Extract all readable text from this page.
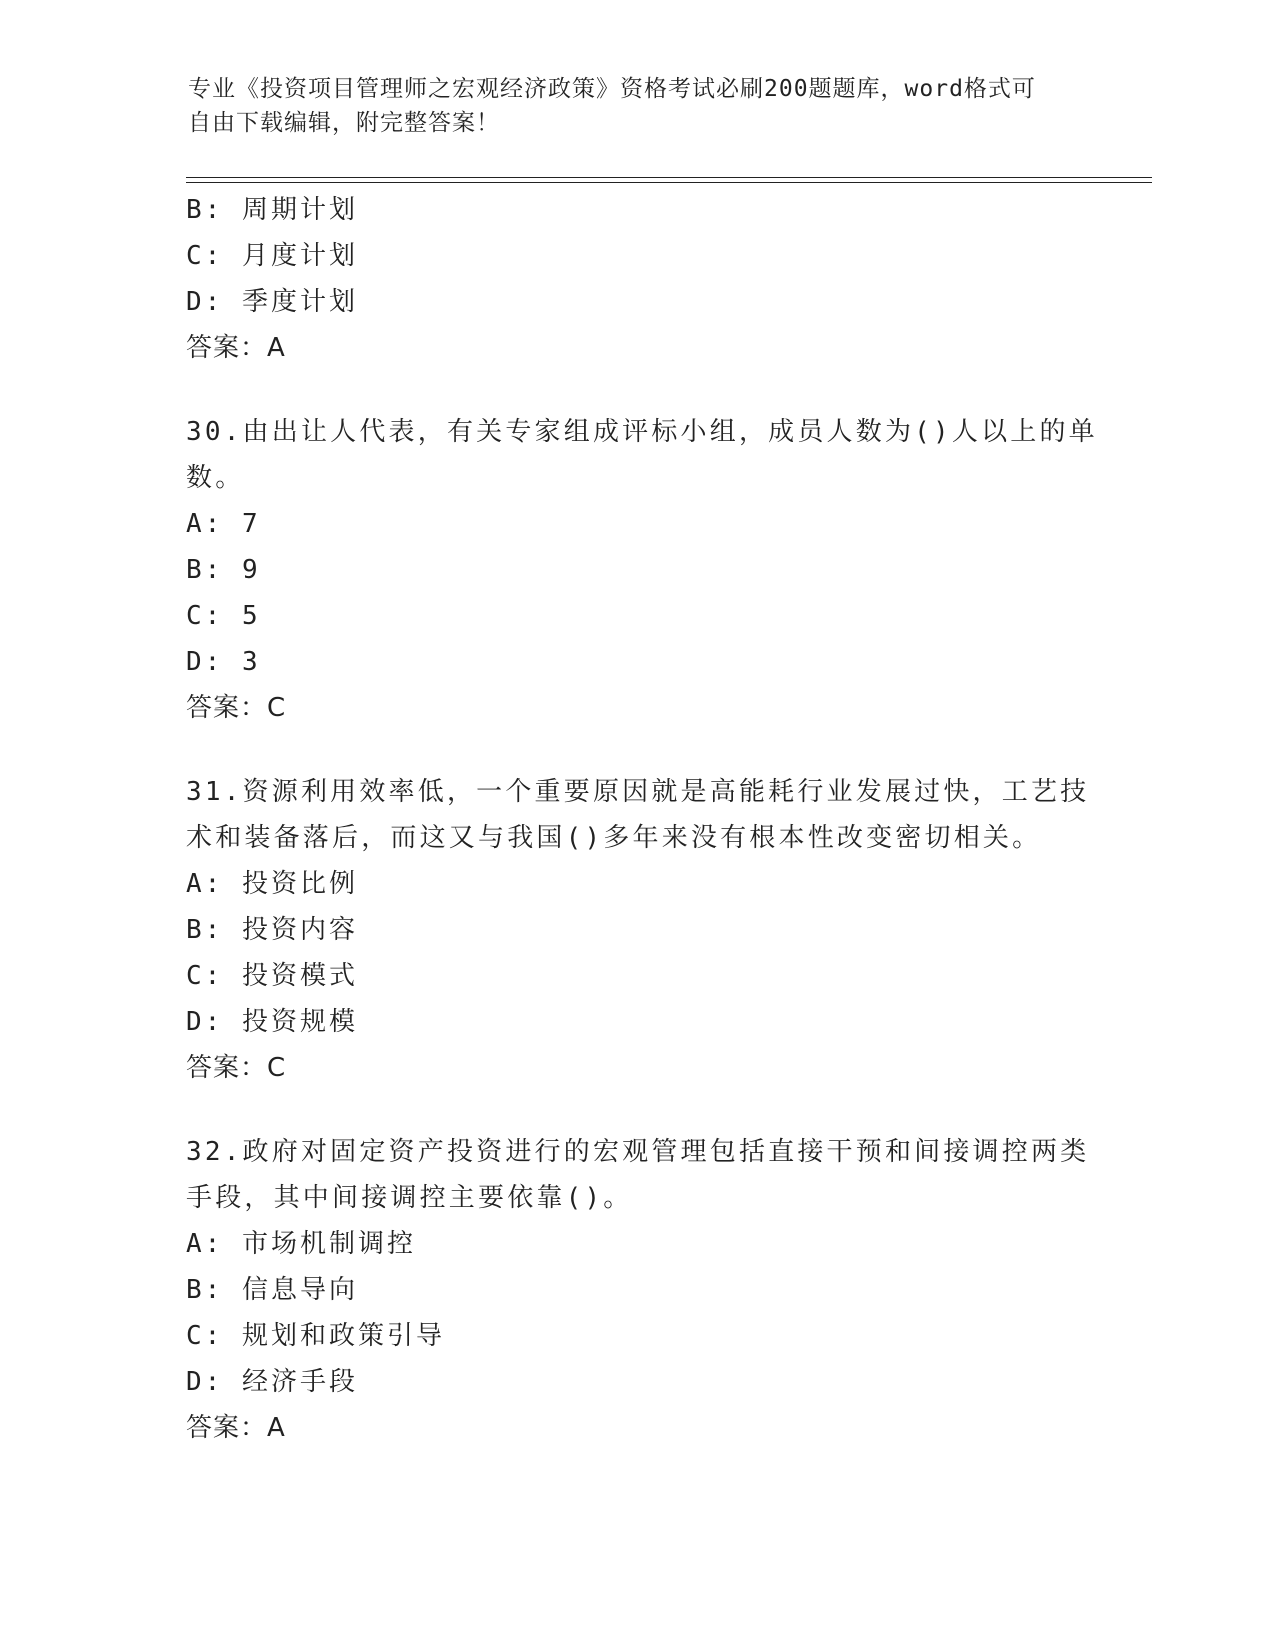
专业《投资项目管理师之宏观经济政策》资格考试必刷200题题库，word格式可
自由下载编辑，附完整答案！
B: 周期计划
C: 月度计划
D: 季度计划
答案：A
30.由出让人代表，有关专家组成评标小组，成员人数为()人以上的单
数。
A: 7
B: 9
C: 5
D: 3
答案：C
31.资源利用效率低，一个重要原因就是高能耗行业发展过快，工艺技
术和装备落后，而这又与我国()多年来没有根本性改变密切相关。
A: 投资比例
B: 投资内容
C: 投资模式
D: 投资规模
答案：C
32.政府对固定资产投资进行的宏观管理包括直接干预和间接调控两类
手段，其中间接调控主要依靠()。
A: 市场机制调控
B: 信息导向
C: 规划和政策引导
D: 经济手段
答案：A
